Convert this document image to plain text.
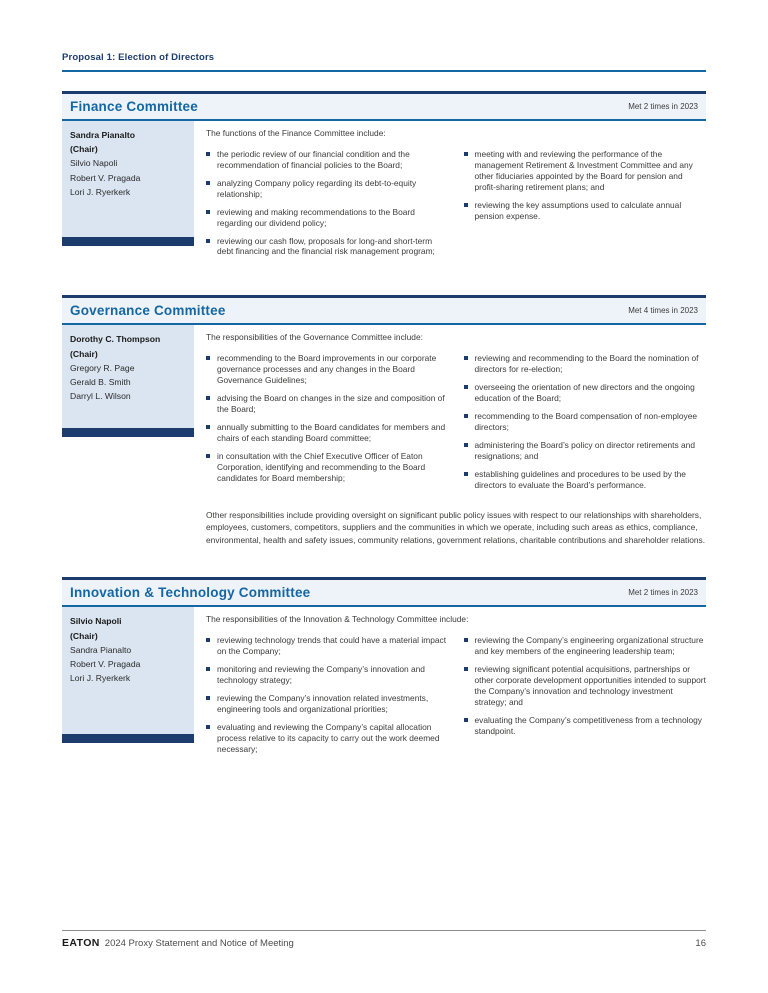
Proposal 1: Election of Directors
Finance Committee	Met 2 times in 2023
Sandra Pianalto
(Chair)
Silvio Napoli
Robert V. Pragada
Lori J. Ryerkerk

The functions of the Finance Committee include:

the periodic review of our financial condition and the recommendation of financial policies to the Board;
analyzing Company policy regarding its debt-to-equity relationship;
reviewing and making recommendations to the Board regarding our dividend policy;
reviewing our cash flow, proposals for long-and short-term debt financing and the financial risk management program;
meeting with and reviewing the performance of the management Retirement & Investment Committee and any other fiduciaries appointed by the Board for pension and profit-sharing retirement plans; and
reviewing the key assumptions used to calculate annual pension expense.
Governance Committee	Met 4 times in 2023
Dorothy C. Thompson
(Chair)
Gregory R. Page
Gerald B. Smith
Darryl L. Wilson

The responsibilities of the Governance Committee include:

recommending to the Board improvements in our corporate governance processes and any changes in the Board Governance Guidelines;
advising the Board on changes in the size and composition of the Board;
annually submitting to the Board candidates for members and chairs of each standing Board committee;
in consultation with the Chief Executive Officer of Eaton Corporation, identifying and recommending to the Board candidates for Board membership;
reviewing and recommending to the Board the nomination of directors for re-election;
overseeing the orientation of new directors and the ongoing education of the Board;
recommending to the Board compensation of non-employee directors;
administering the Board’s policy on director retirements and resignations; and
establishing guidelines and procedures to be used by the directors to evaluate the Board’s performance.

Other responsibilities include providing oversight on significant public policy issues with respect to our relationships with shareholders, employees, customers, competitors, suppliers and the communities in which we operate, including such areas as ethics, compliance, environmental, health and safety issues, community relations, government relations, charitable contributions and shareholder relations.

Innovation & Technology Committee	Met 2 times in 2023
Silvio Napoli
(Chair)
Sandra Pianalto
Robert V. Pragada
Lori J. Ryerkerk

The responsibilities of the Innovation & Technology Committee include:

reviewing technology trends that could have a material impact on the Company;
monitoring and reviewing the Company’s innovation and technology strategy;
reviewing the Company’s innovation related investments, engineering tools and organizational priorities;
evaluating and reviewing the Company’s capital allocation process relative to its capacity to carry out the work deemed necessary;
reviewing the Company’s engineering organizational structure and key members of the engineering leadership team;
reviewing significant potential acquisitions, partnerships or other corporate development opportunities intended to support the Company’s innovation and technology investment strategy; and
evaluating the Company’s competitiveness from a technology standpoint.
EATON 2024 Proxy Statement and Notice of Meeting	16
